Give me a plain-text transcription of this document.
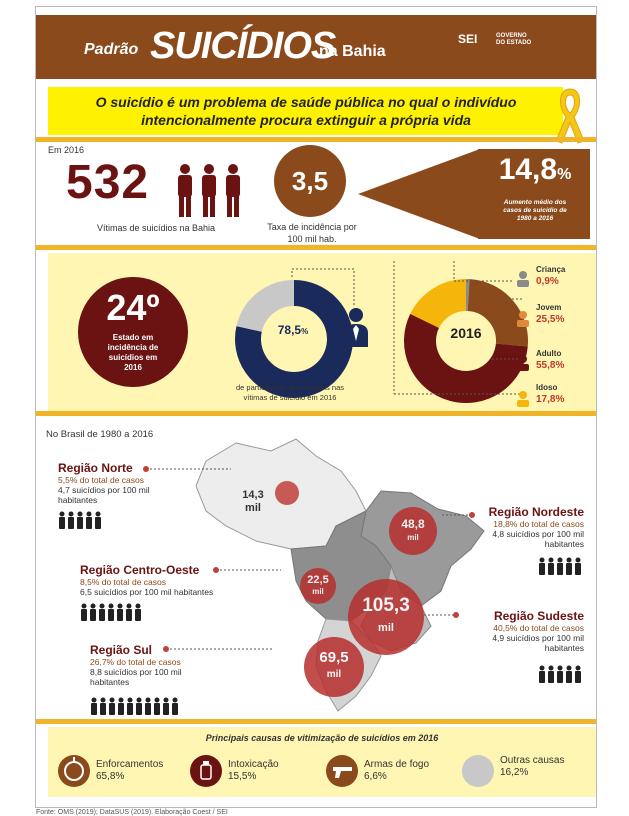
Padrão SUICÍDIOS
na Bahia
SEI	GOVERNO
DO ESTADO
O suicídio é um problema de saúde pública no qual o indivíduo
intencionalmente procura extinguir a própria vida
Em 2016
532
Vítimas de suicídios na Bahia
3,5
Taxa de incidência por
100 mil hab.
14,8%
Aumento médio dos
casos de suicídio de
1980 a 2016
24º
Estado em
incidência de
suicídios em
2016
78,5%
de participação dos homens nas
vítimas de suicídio em 2016
2016
Criança
0,9%
Jovem
25,5%
Adulto
55,8%
Idoso
17,8%
No Brasil de 1980 a 2016
14,3
mil
48,8
mil
22,5
mil
105,3
mil
69,5
mil
Região Norte
5,5% do total de casos
4,7 suicídios por 100 mil
habitantes
Região Nordeste
18,8% do total de casos
4,8 suicídios por 100 mil
habitantes
Região Centro-Oeste
8,5% do total de casos
6,5 suicídios por 100 mil habitantes
Região Sudeste
40,5% do total de casos
4,9 suicídios por 100 mil
habitantes
Região Sul
26,7% do total de casos
8,8 suicídios por 100 mil
habitantes
Principais causas de vitimização de suicídios em 2016
Enforcamentos
65,8%
Intoxicação
15,5%
Armas de fogo
6,6%
Outras causas
16,2%
Fonte: OMS (2019); DataSUS (2019). Elaboração Coest / SEI
